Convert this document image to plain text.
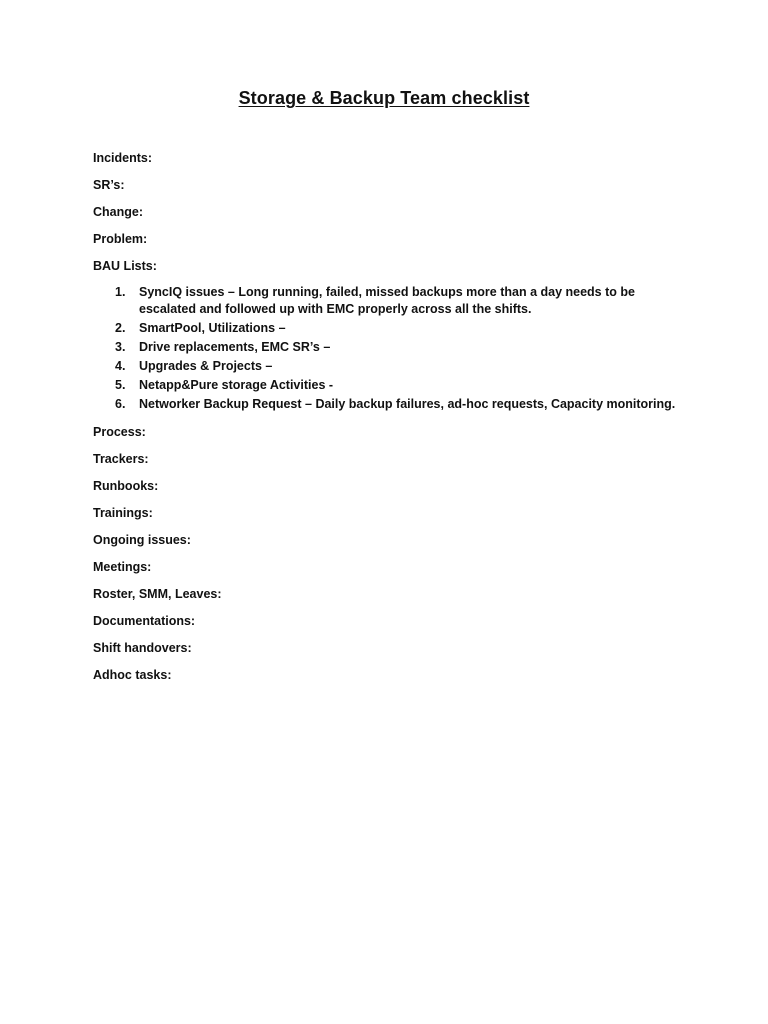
Storage & Backup Team checklist
Incidents:
SR’s:
Change:
Problem:
BAU Lists:
1. SyncIQ issues – Long running, failed, missed backups more than a day needs to be escalated and followed up with EMC properly across all the shifts.
2. SmartPool, Utilizations –
3. Drive replacements, EMC SR’s –
4. Upgrades & Projects –
5. Netapp&Pure storage Activities -
6. Networker Backup Request – Daily backup failures, ad-hoc requests, Capacity monitoring.
Process:
Trackers:
Runbooks:
Trainings:
Ongoing issues:
Meetings:
Roster, SMM, Leaves:
Documentations:
Shift handovers:
Adhoc tasks:
